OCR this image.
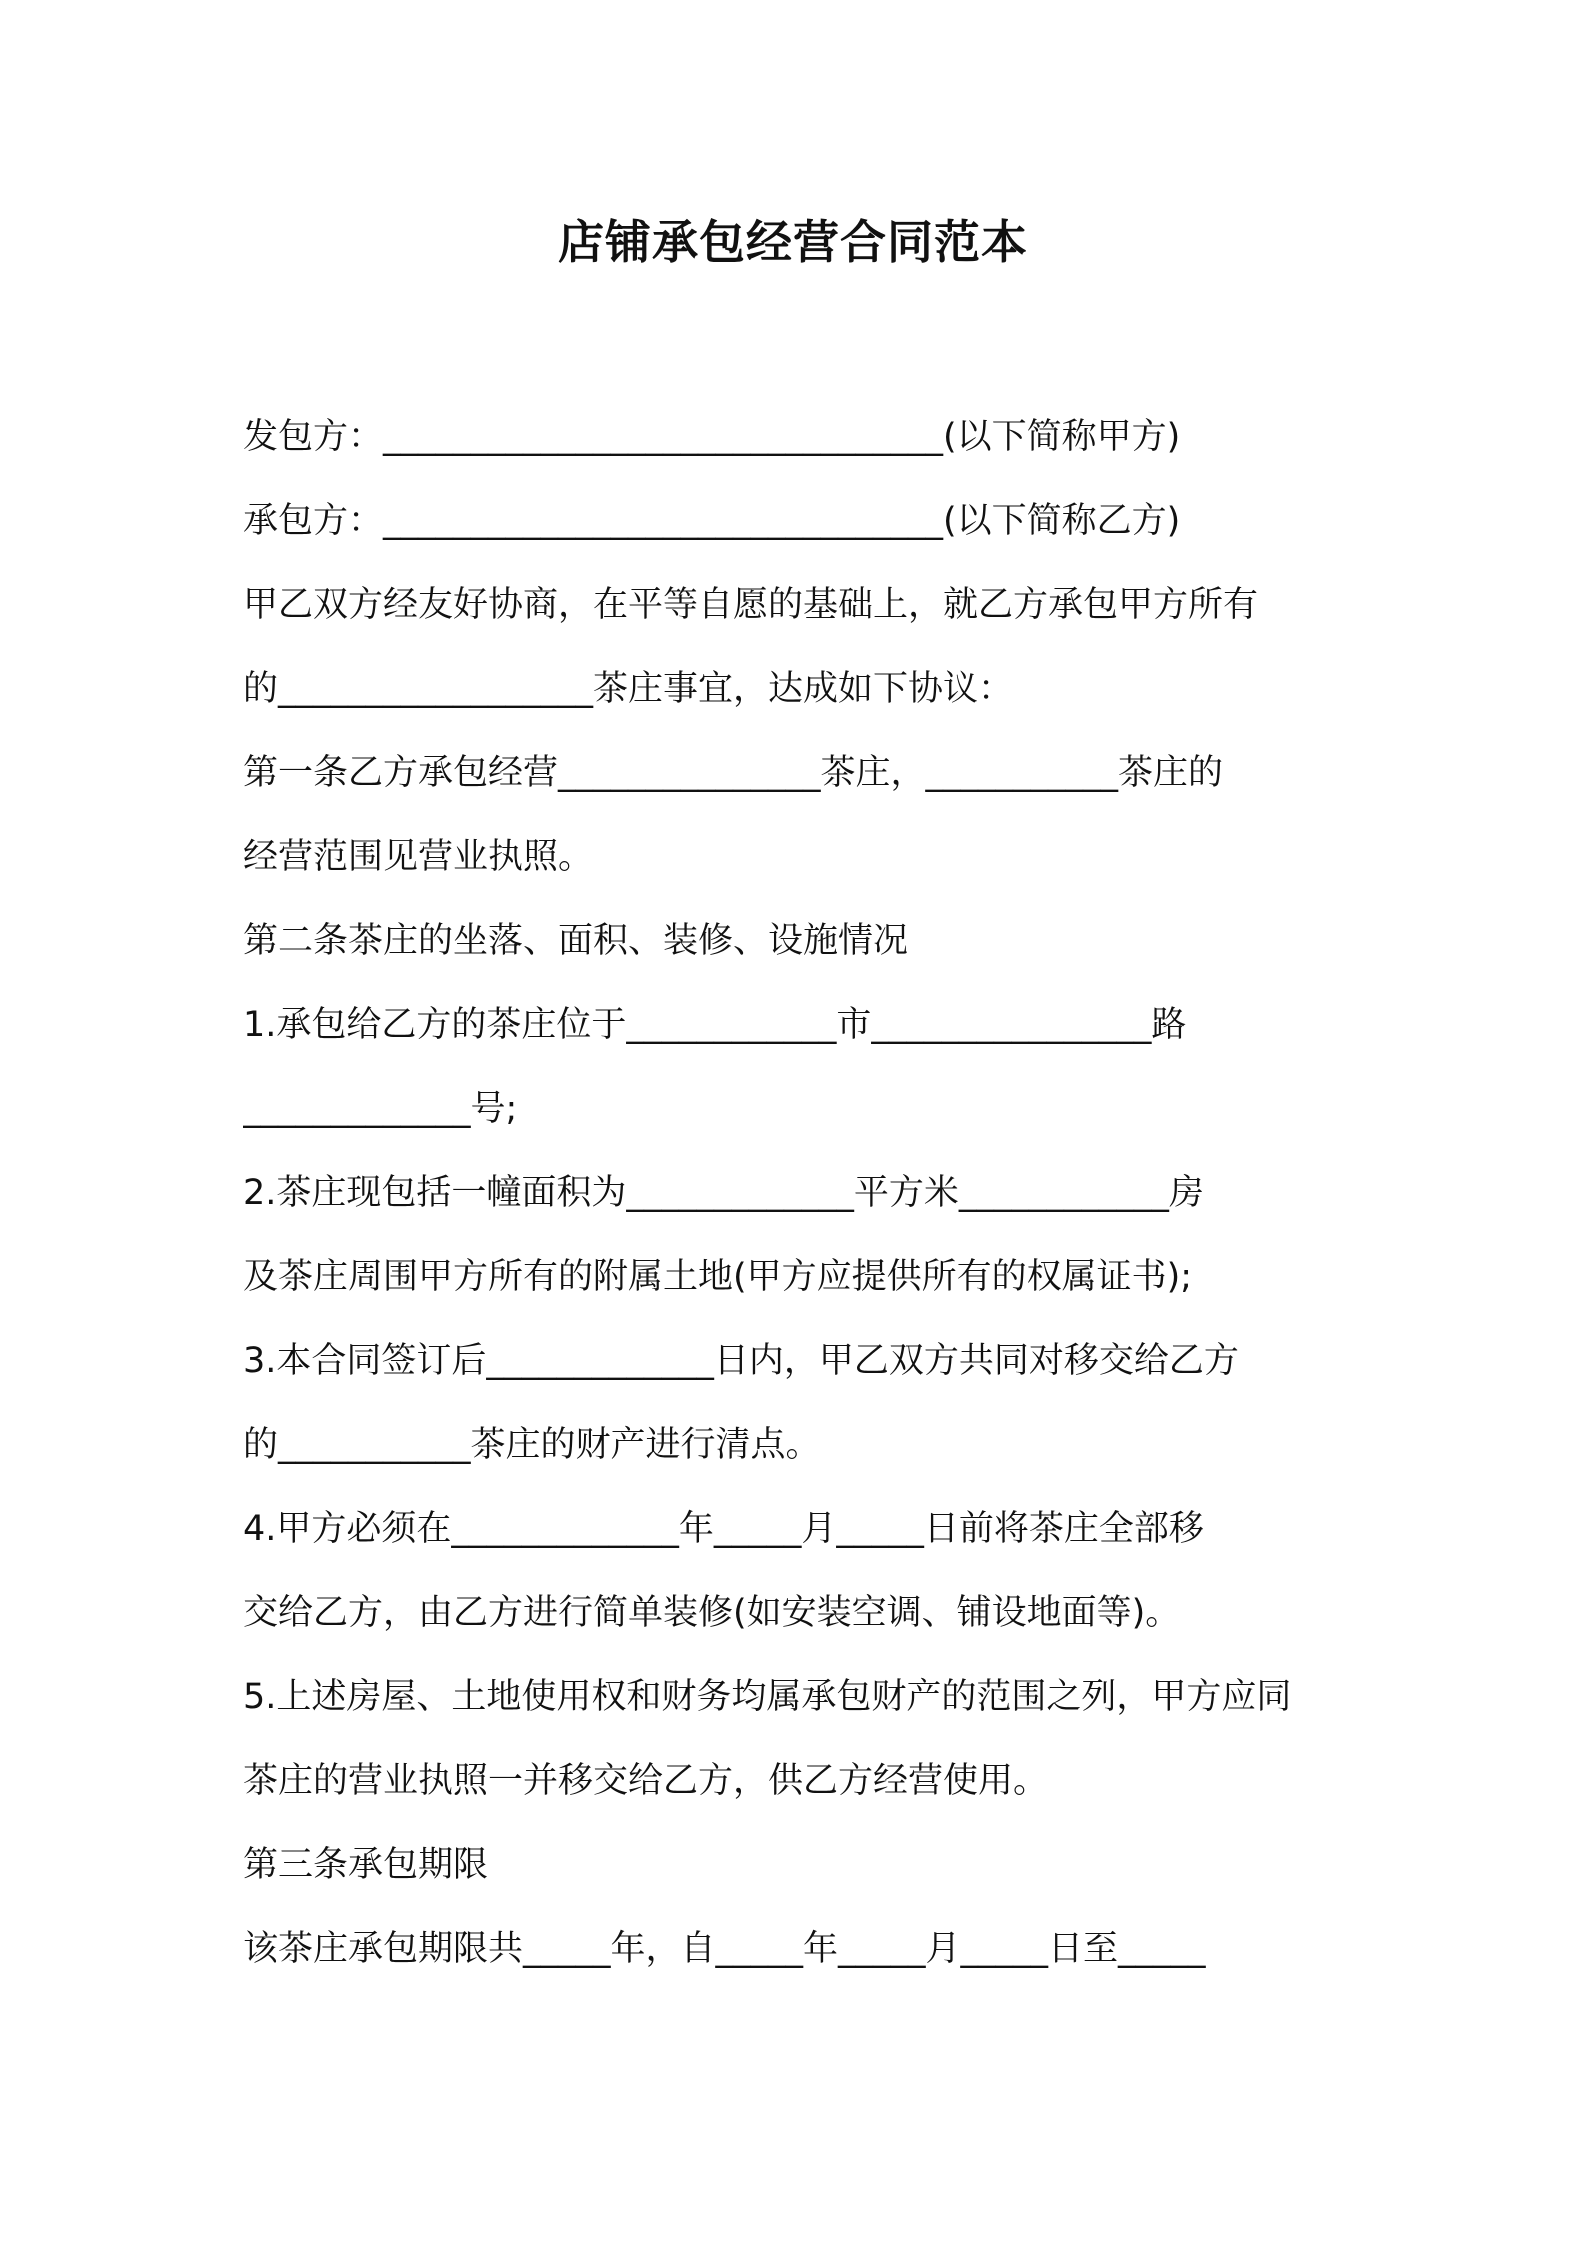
店铺承包经营合同范本
发包方：________________________________(以下简称甲方)
承包方：________________________________(以下简称乙方)
甲乙双方经友好协商，在平等自愿的基础上，就乙方承包甲方所有
的__________________茶庄事宜，达成如下协议：
第一条乙方承包经营_______________茶庄，___________茶庄的
经营范围见营业执照。
第二条茶庄的坐落、面积、装修、设施情况
1.承包给乙方的茶庄位于____________市________________路
_____________号;
2.茶庄现包括一幢面积为_____________平方米____________房
及茶庄周围甲方所有的附属土地(甲方应提供所有的权属证书);
3.本合同签订后_____________日内，甲乙双方共同对移交给乙方
的___________茶庄的财产进行清点。
4.甲方必须在_____________年_____月_____日前将茶庄全部移
交给乙方，由乙方进行简单装修(如安装空调、铺设地面等)。
5.上述房屋、土地使用权和财务均属承包财产的范围之列，甲方应同
茶庄的营业执照一并移交给乙方，供乙方经营使用。
第三条承包期限
该茶庄承包期限共_____年，自_____年_____月_____日至_____
